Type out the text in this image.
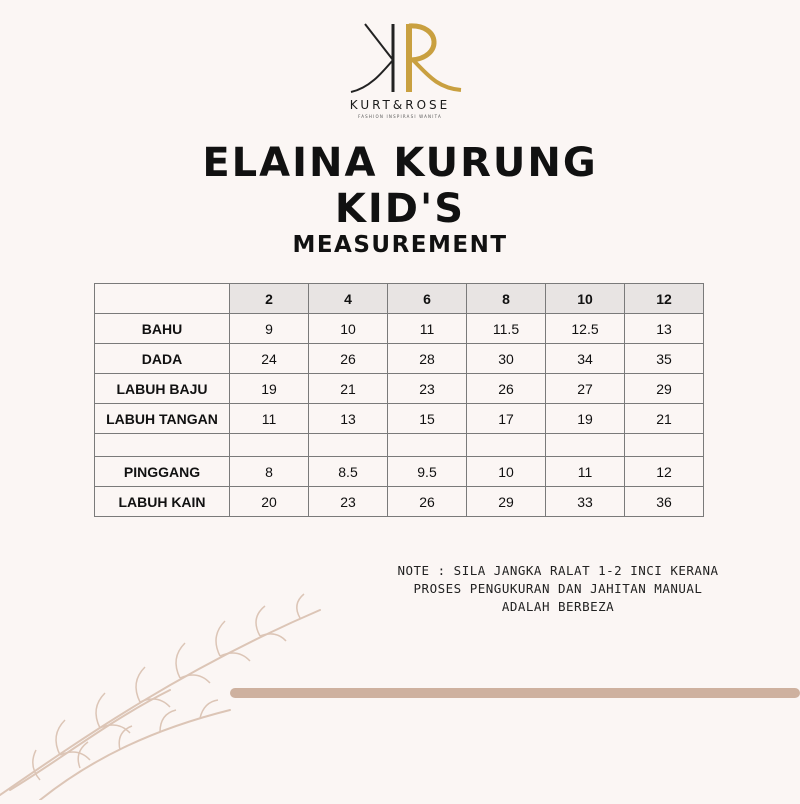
KURT&ROSE
FASHION INSPIRASI WANITA
ELAINA KURUNG
KID'S
MEASUREMENT
	2	4	6	8	10	12
BAHU	9	10	11	11.5	12.5	13
DADA	24	26	28	30	34	35
LABUH BAJU	19	21	23	26	27	29
LABUH TANGAN	11	13	15	17	19	21

PINGGANG	8	8.5	9.5	10	11	12
LABUH KAIN	20	23	26	29	33	36
NOTE : SILA JANGKA RALAT 1-2 INCI KERANA
PROSES PENGUKURAN DAN JAHITAN MANUAL
ADALAH BERBEZA
